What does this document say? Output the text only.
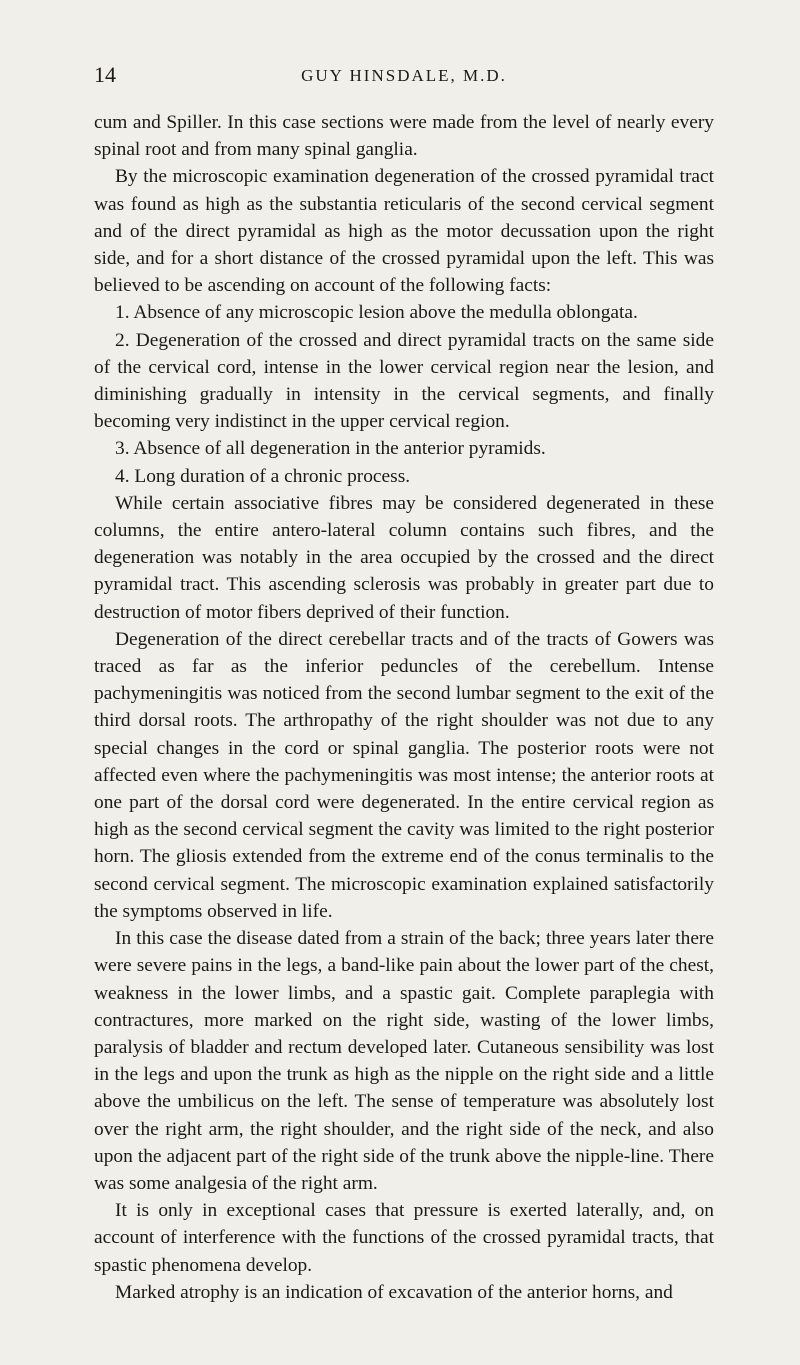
14	GUY HINSDALE, M.D.

cum and Spiller. In this case sections were made from the level of nearly every spinal root and from many spinal ganglia.

By the microscopic examination degeneration of the crossed pyramidal tract was found as high as the substantia reticularis of the second cervical segment and of the direct pyramidal as high as the motor decussation upon the right side, and for a short distance of the crossed pyramidal upon the left. This was believed to be ascending on account of the following facts:

1. Absence of any microscopic lesion above the medulla oblongata.

2. Degeneration of the crossed and direct pyramidal tracts on the same side of the cervical cord, intense in the lower cervical region near the lesion, and diminishing gradually in intensity in the cervical segments, and finally becoming very indistinct in the upper cervical region.

3. Absence of all degeneration in the anterior pyramids.

4. Long duration of a chronic process.

While certain associative fibres may be considered degenerated in these columns, the entire antero-lateral column contains such fibres, and the degeneration was notably in the area occupied by the crossed and the direct pyramidal tract. This ascending sclerosis was probably in greater part due to destruction of motor fibers deprived of their function.

Degeneration of the direct cerebellar tracts and of the tracts of Gowers was traced as far as the inferior peduncles of the cerebellum. Intense pachymeningitis was noticed from the second lumbar segment to the exit of the third dorsal roots. The arthropathy of the right shoulder was not due to any special changes in the cord or spinal ganglia. The posterior roots were not affected even where the pachymeningitis was most intense; the anterior roots at one part of the dorsal cord were degenerated. In the entire cervical region as high as the second cervical segment the cavity was limited to the right posterior horn. The gliosis extended from the extreme end of the conus terminalis to the second cervical segment. The microscopic examination explained satisfactorily the symptoms observed in life.

In this case the disease dated from a strain of the back; three years later there were severe pains in the legs, a band-like pain about the lower part of the chest, weakness in the lower limbs, and a spastic gait. Complete paraplegia with contractures, more marked on the right side, wasting of the lower limbs, paralysis of bladder and rectum developed later. Cutaneous sensibility was lost in the legs and upon the trunk as high as the nipple on the right side and a little above the umbilicus on the left. The sense of temperature was absolutely lost over the right arm, the right shoulder, and the right side of the neck, and also upon the adjacent part of the right side of the trunk above the nipple-line. There was some analgesia of the right arm.

It is only in exceptional cases that pressure is exerted laterally, and, on account of interference with the functions of the crossed pyramidal tracts, that spastic phenomena develop.

Marked atrophy is an indication of excavation of the anterior horns, and
